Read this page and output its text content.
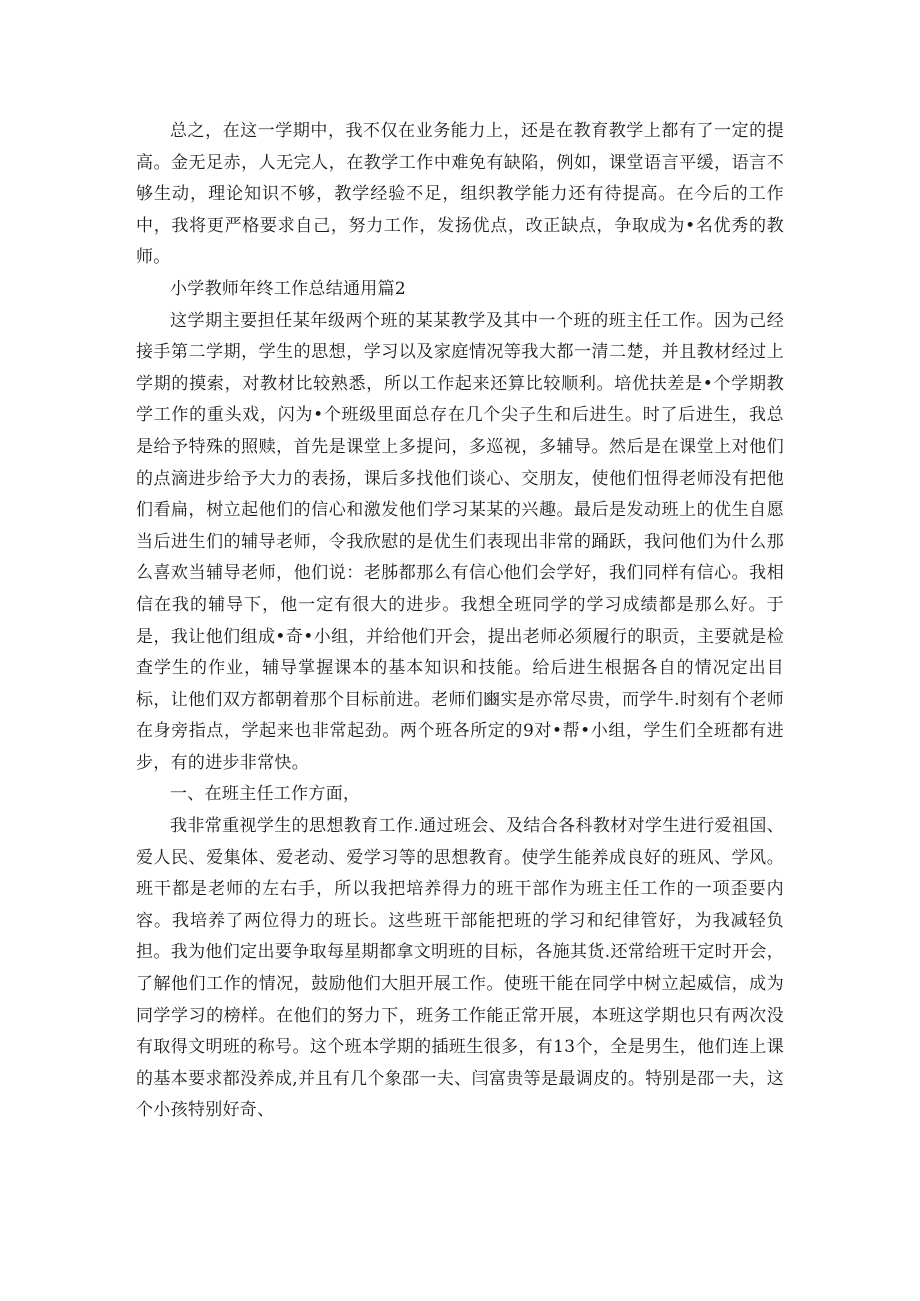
总之，在这一学期中，我不仅在业务能力上，还是在教育教学上都有了一定的提高。金无足赤，人无完人，在教学工作中难免有缺陷，例如，课堂语言平缓，语言不够生动，理论知识不够，教学经验不足，组织教学能力还有待提高。在今后的工作中，我将更严格要求自己，努力工作，发扬优点，改正缺点，争取成为•名优秀的教师。

小学教师年终工作总结通用篇2

这学期主要担任某年级两个班的某某教学及其中一个班的班主任工作。因为己经接手第二学期，学生的思想，学习以及家庭情况等我大都一清二楚，并且教材经过上学期的摸索，对教材比较熟悉，所以工作起来还算比较顺利。培优扶差是•个学期教学工作的重头戏，闪为•个班级里面总存在几个尖子生和后进生。时了后进生，我总是给予特殊的照赎，首先是课堂上多提问，多巡视，多辅导。然后是在课堂上对他们的点滴进步给予大力的表扬，课后多找他们谈心、交朋友，使他们忸得老师没有把他们看扁，树立起他们的信心和激发他们学习某某的兴趣。最后是发动班上的优生自愿当后进生们的辅导老师，令我欣慰的是优生们表现出非常的踊跃，我问他们为什么那么喜欢当辅导老师，他们说：老胏都那么有信心他们会学好，我们同样有信心。我相信在我的辅导下，他一定有很大的进步。我想全班同学的学习成绩都是那么好。于是，我让他们组成•奇•小组，并给他们开会，提出老师必须履行的职贡，主要就是检查学生的作业，辅导掌握课本的基本知识和技能。给后进生根据各自的情况定出目标，让他们双方都朝着那个目标前进。老师们豳实是亦常尽贵，而学牛.时刻有个老师在身旁指点，学起来也非常起劲。两个班各所定的9对•帮•小组，学生们全班都有进步，有的进步非常快。

一、在班主任工作方面，

我非常重视学生的思想教育工作.通过班会、及结合各科教材对学生进行爱祖国、爱人民、爱集体、爱老动、爱学习等的思想教育。使学生能养成良好的班风、学风。班干都是老师的左右手，所以我把培养得力的班干部作为班主任工作的一项歪要内容。我培养了两位得力的班长。这些班干部能把班的学习和纪律管好，为我减轻负担。我为他们定出要争取每星期都拿文明班的目标，各施其货.还常给班干定时开会，了解他们工作的情况，鼓励他们大胆开展工作。使班干能在同学中树立起威信，成为同学学习的榜样。在他们的努力下，班务工作能正常开展，本班这学期也只有两次没有取得文明班的称号。这个班本学期的插班生很多，有13个，全是男生，他们连上课的基本要求都没养成,并且有几个象邵一夫、闫富贵等是最调皮的。特别是邵一夫，这个小孩特别好奇、
